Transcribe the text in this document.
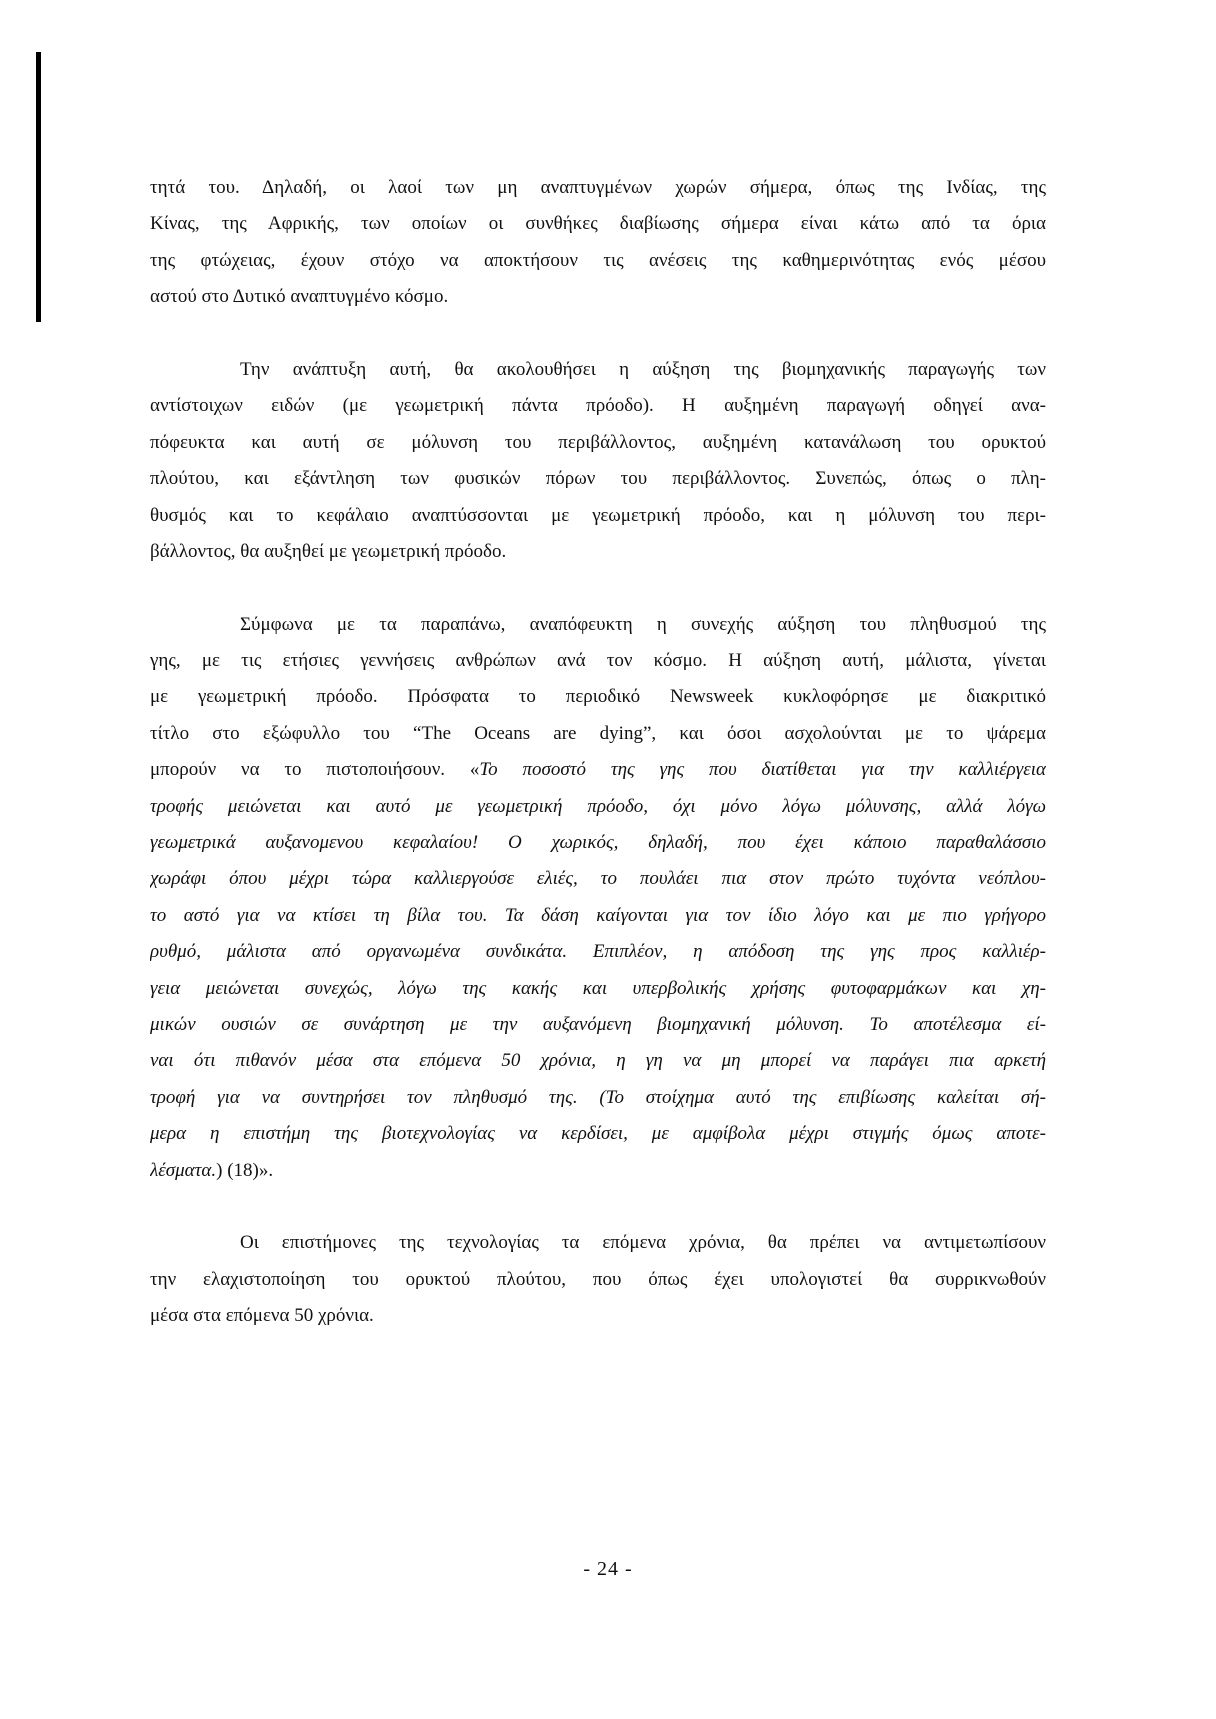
τητά του. Δηλαδή, οι λαοί των μη αναπτυγμένων χωρών σήμερα, όπως της Ινδίας, της
Κίνας, της Αφρικής, των οποίων οι συνθήκες διαβίωσης σήμερα είναι κάτω από τα όρια
της φτώχειας, έχουν στόχο να αποκτήσουν τις ανέσεις της καθημερινότητας ενός μέσου
αστού στο Δυτικό αναπτυγμένο κόσμο.
Την ανάπτυξη αυτή, θα ακολουθήσει η αύξηση της βιομηχανικής παραγωγής των
αντίστοιχων ειδών (με γεωμετρική πάντα πρόοδο). Η αυξημένη παραγωγή οδηγεί ανα-
πόφευκτα και αυτή σε μόλυνση του περιβάλλοντος, αυξημένη κατανάλωση του ορυκτού
πλούτου, και εξάντληση των φυσικών πόρων του περιβάλλοντος. Συνεπώς, όπως ο πλη-
θυσμός και το κεφάλαιο αναπτύσσονται με γεωμετρική πρόοδο, και η μόλυνση του περι-
βάλλοντος, θα αυξηθεί με γεωμετρική πρόοδο.
Σύμφωνα με τα παραπάνω, αναπόφευκτη η συνεχής αύξηση του πληθυσμού της
γης, με τις ετήσιες γεννήσεις ανθρώπων ανά τον κόσμο. Η αύξηση αυτή, μάλιστα, γίνεται
με γεωμετρική πρόοδο. Πρόσφατα το περιοδικό Newsweek κυκλοφόρησε με διακριτικό
τίτλο στο εξώφυλλο του “The Oceans are dying”, και όσοι ασχολούνται με το ψάρεμα
μπορούν να το πιστοποιήσουν. «Το ποσοστό της γης που διατίθεται για την καλλιέργεια
τροφής μειώνεται και αυτό με γεωμετρική πρόοδο, όχι μόνο λόγω μόλυνσης, αλλά λόγω
γεωμετρικά αυξανομενου κεφαλαίου! Ο χωρικός, δηλαδή, που έχει κάποιο παραθαλάσσιο
χωράφι όπου μέχρι τώρα καλλιεργούσε ελιές, το πουλάει πια στον πρώτο τυχόντα νεόπλου-
το αστό για να κτίσει τη βίλα του. Τα δάση καίγονται για τον ίδιο λόγο και με πιο γρήγορο
ρυθμό, μάλιστα από οργανωμένα συνδικάτα. Επιπλέον, η απόδοση της γης προς καλλιέρ-
γεια μειώνεται συνεχώς, λόγω της κακής και υπερβολικής χρήσης φυτοφαρμάκων και χη-
μικών ουσιών σε συνάρτηση με την αυξανόμενη βιομηχανική μόλυνση. Το αποτέλεσμα εί-
ναι ότι πιθανόν μέσα στα επόμενα 50 χρόνια, η γη να μη μπορεί να παράγει πια αρκετή
τροφή για να συντηρήσει τον πληθυσμό της. (Το στοίχημα αυτό της επιβίωσης καλείται σή-
μερα η επιστήμη της βιοτεχνολογίας να κερδίσει, με αμφίβολα μέχρι στιγμής όμως αποτε-
λέσματα.) (18)».
Οι επιστήμονες της τεχνολογίας τα επόμενα χρόνια, θα πρέπει να αντιμετωπίσουν
την ελαχιστοποίηση του ορυκτού πλούτου, που όπως έχει υπολογιστεί θα συρρικνωθούν
μέσα στα επόμενα 50 χρόνια.
- 24 -
